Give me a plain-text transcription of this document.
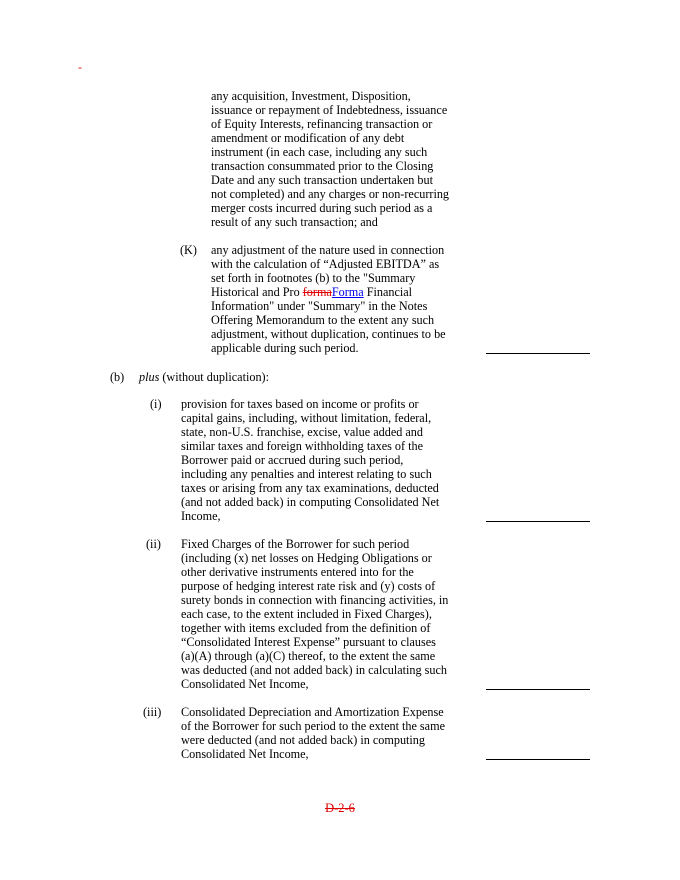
-
any acquisition, Investment, Disposition,
issuance or repayment of Indebtedness, issuance
of Equity Interests, refinancing transaction or
amendment or modification of any debt
instrument (in each case, including any such
transaction consummated prior to the Closing
Date and any such transaction undertaken but
not completed) and any charges or non-recurring
merger costs incurred during such period as a
result of any such transaction; and
(K) any adjustment of the nature used in connection
with the calculation of “Adjusted EBITDA” as
set forth in footnotes (b) to the "Summary
Historical and Pro formaForma Financial
Information" under "Summary" in the Notes
Offering Memorandum to the extent any such
adjustment, without duplication, continues to be
applicable during such period.
(b) plus (without duplication):
(i) provision for taxes based on income or profits or
capital gains, including, without limitation, federal,
state, non-U.S. franchise, excise, value added and
similar taxes and foreign withholding taxes of the
Borrower paid or accrued during such period,
including any penalties and interest relating to such
taxes or arising from any tax examinations, deducted
(and not added back) in computing Consolidated Net
Income,
(ii) Fixed Charges of the Borrower for such period
(including (x) net losses on Hedging Obligations or
other derivative instruments entered into for the
purpose of hedging interest rate risk and (y) costs of
surety bonds in connection with financing activities, in
each case, to the extent included in Fixed Charges),
together with items excluded from the definition of
“Consolidated Interest Expense” pursuant to clauses
(a)(A) through (a)(C) thereof, to the extent the same
was deducted (and not added back) in calculating such
Consolidated Net Income,
(iii) Consolidated Depreciation and Amortization Expense
of the Borrower for such period to the extent the same
were deducted (and not added back) in computing
Consolidated Net Income,
D-2-6
